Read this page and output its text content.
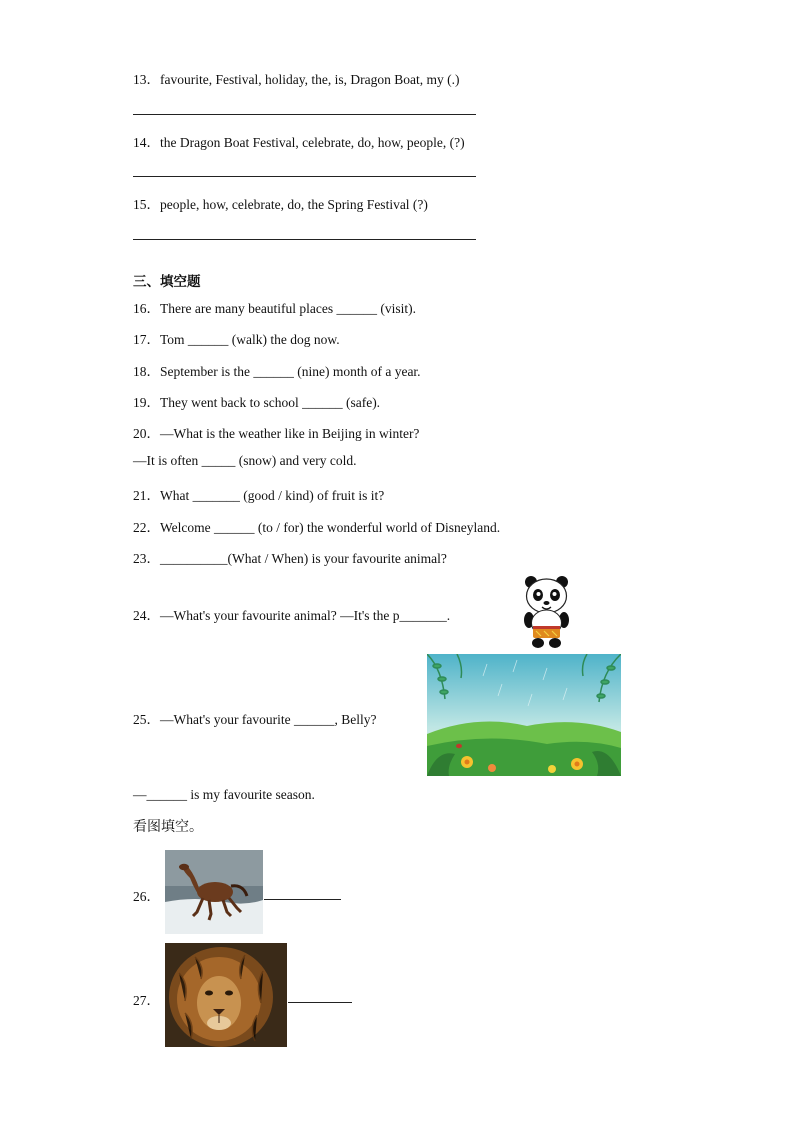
13．favourite, Festival, holiday, the, is, Dragon Boat, my (.)
14．the Dragon Boat Festival, celebrate, do, how, people, (?)
15．people, how, celebrate, do, the Spring Festival (?)
三、填空题
16．There are many beautiful places ______ (visit).
17．Tom ______ (walk) the dog now.
18．September is the ______ (nine) month of a year.
19．They went back to school ______ (safe).
20．—What is the weather like in Beijing in winter?
—It is often _____ (snow) and very cold.
21．What _______ (good / kind) of fruit is it?
22．Welcome ______ (to / for) the wonderful world of Disneyland.
23．__________(What / When) is your favourite animal?
24．—What's your favourite animal? —It's the p_______.
25．—What's your favourite ______, Belly?
—______ is my favourite season.
看图填空。
26．
27．
